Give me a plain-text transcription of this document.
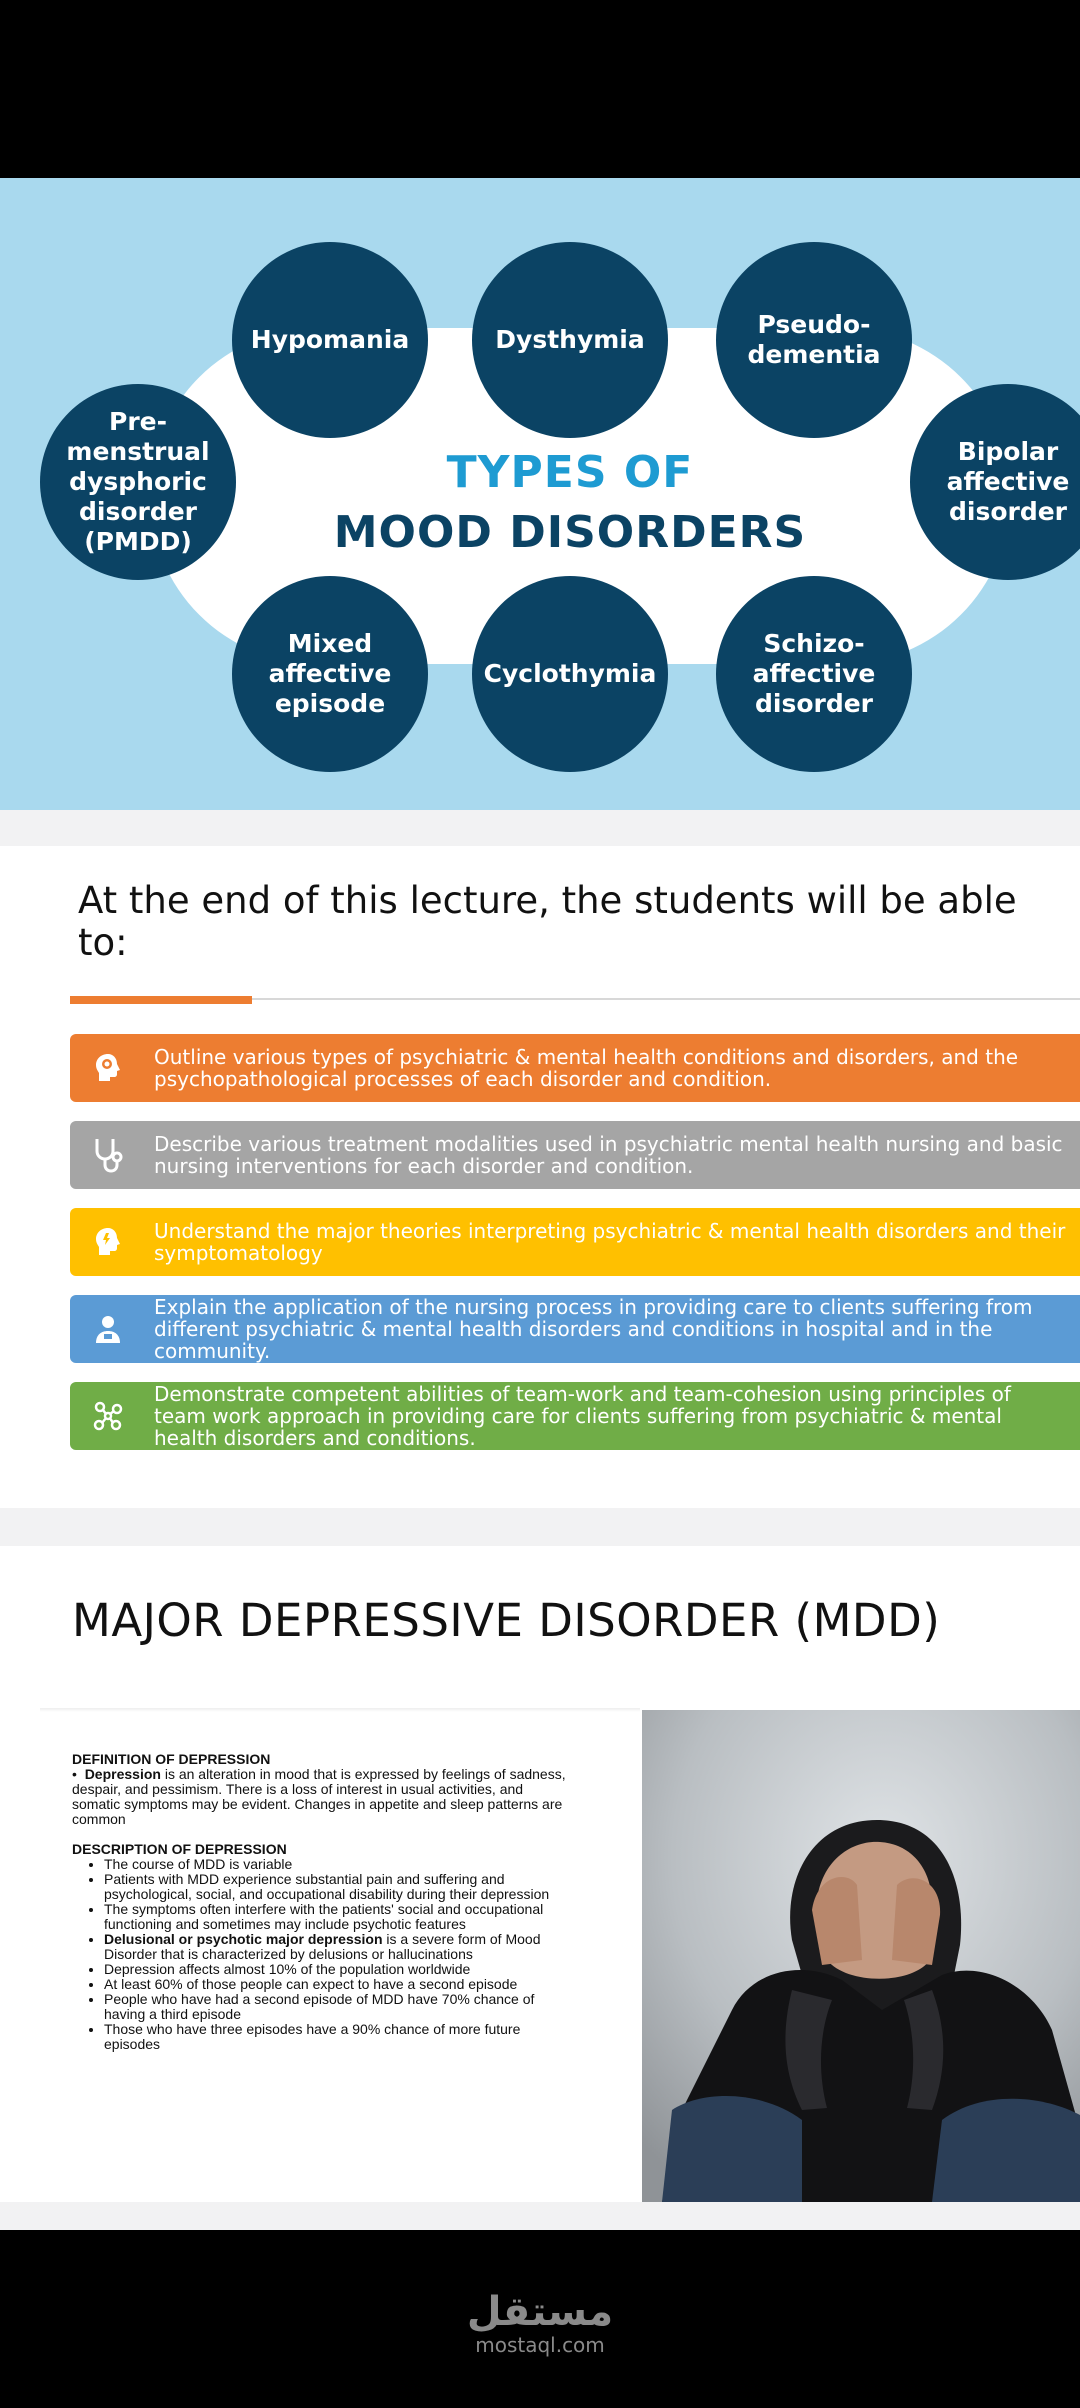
TYPES OF
MOOD DISORDERS
Hypomania	Dysthymia
Pseudo-dementia
Pre-menstrual dysphoric disorder (PMDD)
Bipolar affective disorder
Mixed affective episode
Cyclothymia
Schizo-affective disorder
At the end of this lecture, the students will be able to:
Outline various types of psychiatric & mental health conditions and disorders, and the psychopathological processes of each disorder and condition.
Describe various treatment modalities used in psychiatric mental health nursing and basic nursing interventions for each disorder and condition.
Understand the major theories interpreting psychiatric & mental health disorders and their symptomatology
Explain the application of the nursing process in providing care to clients suffering from different psychiatric & mental health disorders and conditions in hospital and in the community.
Demonstrate competent abilities of team-work and team-cohesion using principles of team work approach in providing care for clients suffering from psychiatric & mental health disorders and conditions.
MAJOR DEPRESSIVE DISORDER (MDD)
DEFINITION OF DEPRESSION
•  Depression is an alteration in mood that is expressed by feelings of sadness, despair, and pessimism. There is a loss of interest in usual activities, and somatic symptoms may be evident. Changes in appetite and sleep patterns are common
DESCRIPTION OF DEPRESSION
• The course of MDD is variable
• Patients with MDD experience substantial pain and suffering and psychological, social, and occupational disability during their depression
• The symptoms often interfere with the patients' social and occupational functioning and sometimes may include psychotic features
• Delusional or psychotic major depression is a severe form of Mood Disorder that is characterized by delusions or hallucinations
• Depression affects almost 10% of the population worldwide
• At least 60% of those people can expect to have a second episode
• People who have had a second episode of MDD have 70% chance of having a third episode
• Those who have three episodes have a 90% chance of more future episodes
مستقل
mostaql.com
